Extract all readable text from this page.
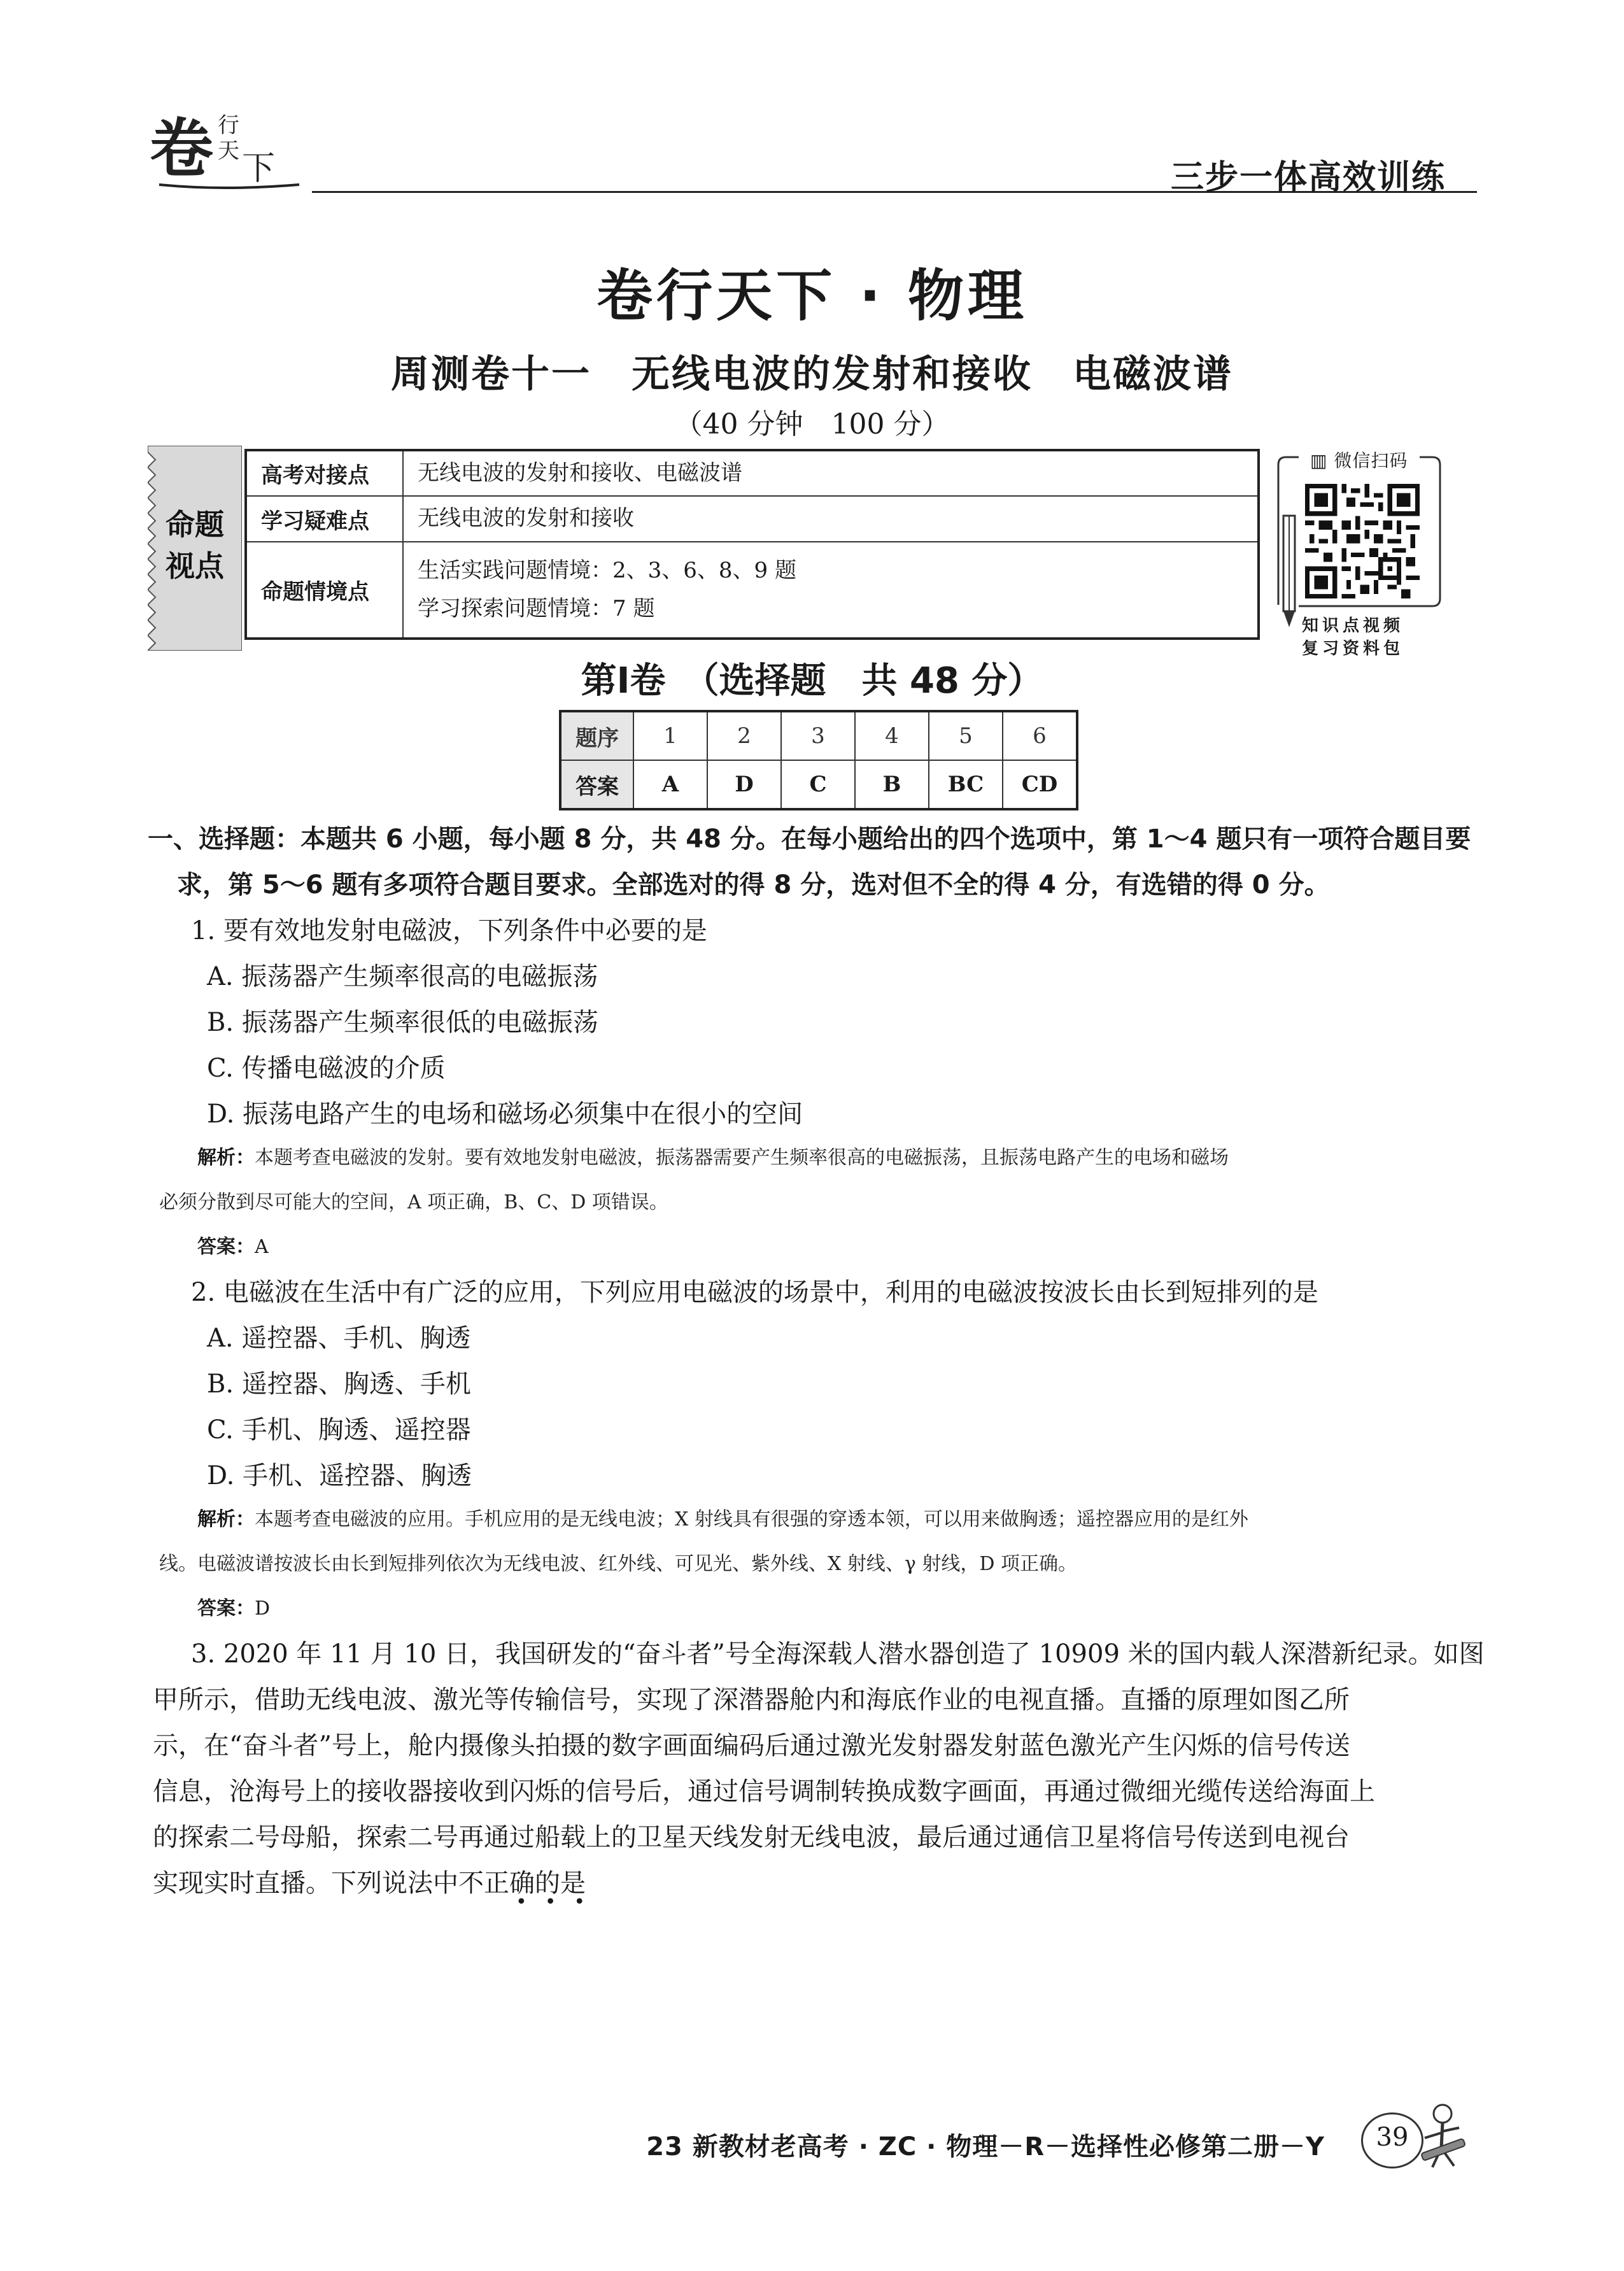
卷 行
天 下	三步一体高效训练
卷行天下 · 物理
周测卷十一　无线电波的发射和接收　电磁波谱
（40 分钟　100 分）
命题
视点
高考对接点	无线电波的发射和接收、电磁波谱
学习疑难点	无线电波的发射和接收
命题情境点	生活实践问题情境：2、3、6、8、9 题
学习探索问题情境：7 题
▥ 微信扫码
知识点视频
复习资料包
第Ⅰ卷　（选择题　共 48 分）
题序	1	2	3	4	5	6
答案	A	D	C	B	BC	CD
一、选择题：本题共 6 小题，每小题 8 分，共 48 分。在每小题给出的四个选项中，第 1～4 题只有一项符合题目要
求，第 5～6 题有多项符合题目要求。全部选对的得 8 分，选对但不全的得 4 分，有选错的得 0 分。
1. 要有效地发射电磁波，下列条件中必要的是
A. 振荡器产生频率很高的电磁振荡
B. 振荡器产生频率很低的电磁振荡
C. 传播电磁波的介质
D. 振荡电路产生的电场和磁场必须集中在很小的空间
解析：本题考查电磁波的发射。要有效地发射电磁波，振荡器需要产生频率很高的电磁振荡，且振荡电路产生的电场和磁场
必须分散到尽可能大的空间，A 项正确，B、C、D 项错误。
答案：A
2. 电磁波在生活中有广泛的应用，下列应用电磁波的场景中，利用的电磁波按波长由长到短排列的是
A. 遥控器、手机、胸透
B. 遥控器、胸透、手机
C. 手机、胸透、遥控器
D. 手机、遥控器、胸透
解析：本题考查电磁波的应用。手机应用的是无线电波；X 射线具有很强的穿透本领，可以用来做胸透；遥控器应用的是红外
线。电磁波谱按波长由长到短排列依次为无线电波、红外线、可见光、紫外线、X 射线、γ 射线，D 项正确。
答案：D
3. 2020 年 11 月 10 日，我国研发的“奋斗者”号全海深载人潜水器创造了 10909 米的国内载人深潜新纪录。如图
甲所示，借助无线电波、激光等传输信号，实现了深潜器舱内和海底作业的电视直播。直播的原理如图乙所
示，在“奋斗者”号上，舱内摄像头拍摄的数字画面编码后通过激光发射器发射蓝色激光产生闪烁的信号传送
信息，沧海号上的接收器接收到闪烁的信号后，通过信号调制转换成数字画面，再通过微细光缆传送给海面上
的探索二号母船，探索二号再通过船载上的卫星天线发射无线电波，最后通过通信卫星将信号传送到电视台
实现实时直播。下列说法中不正确的是
•••
23 新教材老高考 · ZC · 物理－R－选择性必修第二册－Y	39
